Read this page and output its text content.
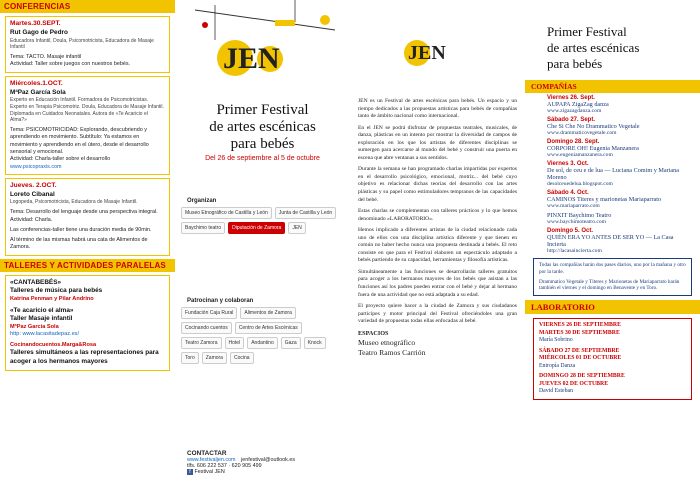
CONFERENCIAS
Martes.30.SEPT.
Rut Gago de Pedro
Educadora Infantil, Doula, Psicomotricista, Educadora de Masaje Infantil
Tema: TACTO. Masaje infantil
Actividad: Taller sobre juegos con nuestros bebés.
Miércoles.1.OCT.
MªPaz García Sola
Experto en Educación Infantil. Formadora de Psicomotricistas. Experto en Terapia Psicomotriz. Doula, Educadora de Masaje Infantil. Diplomada en Cuidados Neonatales. Autora de «Te Acaricio el Alma?»
Tema: PSICOMOTRICIDAD: Explorando, descubriendo y aprendiendo en movimiento. Subtítulo: Ya estamos en movimiento y aprendiendo en el útero, desde el desarrollo sensorial y emocional.
Actividad: Charla-taller sobre el desarrollo
www.psicopraxis.com
Jueves. 2.OCT.
Loreto Cibanal
Logopeda, Psicomotricista, Educadora de Masaje Infantil.
Tema: Desarrollo del lenguaje desde una perspectiva integral.
Actividad: Charla.
Las conferencias-taller tiene una duración media de 90min.
Al término de las mismas habrá una cata de Alimentos de Zamora.
TALLERES Y ACTIVIDADES PARALELAS
«CANTABEBÉS»
Talleres de música para bebés
Katrina Penman y Pilar Andrino
«Te acaricio el alma»
Taller Masaje infantil
MªPaz García Sola
http: www.lacasitadepaz.es/
Cocinandocuentos.Marga&Rosa
Talleres simultáneos a las representaciones para acoger a los hermanos mayores
JEN
Primer Festival
de artes escénicas
para bebés
Del 26 de septiembre al 5 de octubre
Organizan
Museo Etnográfico de Castilla y León	Junta de Castilla y León
Baychimo teatro	Diputación de Zamora	JEN
Patrocinan y colaboran
Fundación Caja Rural	Alimentos de Zamora
Cocinando cuentos	Centro de Artes Escénicas
Teatro Zamora	Hotel	Andantino	Gaza	Knock
Toro	Zamora	Cocina
CONTACTAR
www.festivaljen.com jenfestival@outlook.es
tlfs. 606 222 537 · 620 905 499
f Festival JEN

JEN es un Festival de artes escénicas para bebés. Un espacio y un tiempo dedicados a las propuestas artísticas para bebés de compañías tanto de ámbito nacional como internacional.

En el JEN se podrá disfrutar de propuestas teatrales, musicales, de danza, plásticas en un intento por mostrar la diversidad de campos de exploración en los que los artistas de diferentes disciplinas se sumergen para acercarse al mundo del bebé y construir una puerta en escena que abre ventanas a sus sentidos.

Durante la semana se han programado charlas impartidas por expertos en el desarrollo psicológico, emocional, motriz... del bebé cuyo objetivo es relacionar dichas teorías del desarrollo con las artes plásticas y su papel como estimuladores tempranos de las capacidades del bebé.

Estas charlas se complementan con talleres prácticos y lo que hemos denominado «LABORATORIO».

Hemos implicado a diferentes artistas de la ciudad relacionado cada uno de ellos con una disciplina artística diferente y que tienen en común no haber hecho nunca una propuesta destinada a bebés. El reto consiste en que para el Festival elaboren un espectáculo adaptado a bebés partiendo de su capacidad, herramientas y filosofía artísticas.

Simultáneamente a las funciones se desarrollarán talleres gratuitos para acoger a los hermanos mayores de los bebés que asistan a las funciones así los padres pueden entrar con el bebé y dejar al hermano fuera de una actividad que no está adaptada a su edad.

El proyecto quiere hacer a la ciudad de Zamora y sus ciudadanos partícipes y motor principal del Festival ofreciéndoles una gran variedad de propuestas todas ellas enfocadas al bebé.

ESPACIOS
Museo etnográfico
Teatro Ramos Carrión
JEN
Primer Festival
de artes escénicas
para bebés
COMPAÑÍAS
Viernes 26. Sept.
AUPAPA ZigaZag danza
www.zigazagdanza.com
Sábado 27. Sept.
Che Si Che No Drammatico Vegetale
www.drammaticovegetale.com
Domingo 28. Sept.
CORPORE OH! Eugenia Manzanera
www.eugeniamanzanera.com
Viernes 3. Oct.
De sol, de ceu e de lua — Luciana Comim y Mariana Moreno
desolceuedelua.blogspot.com
Sábado 4. Oct.
CAMINOS Titeres y marionetas Mariaparrato
www.mariaparrato.com
PINXIT Baychimo Teatro
www.baychimoteatro.com
Domingo 5. Oct.
QUIÉN ERA YO ANTES DE SER YO — La Casa Incierta
http://lacasaincierta.com
Todas las compañías harán dos pases diarios, uno por la mañana y otro por la tarde.
Drammatico Vegetale y Títeres y Marionetas de Mariaparrato harán también el viernes y el domingo en Benavente y en Toro.
LABORATORIO
VIERNES 26 DE SEPTIEMBRE
MARTES 30 DE SEPTIEMBRE
María Sobrino
SÁBADO 27 DE SEPTIEMBRE
MIÉRCOLES 01 DE OCTUBRE
Entropía Danza
DOMINGO 28 DE SEPTIEMBRE
JUEVES 02 DE OCTUBRE
David Esteban
